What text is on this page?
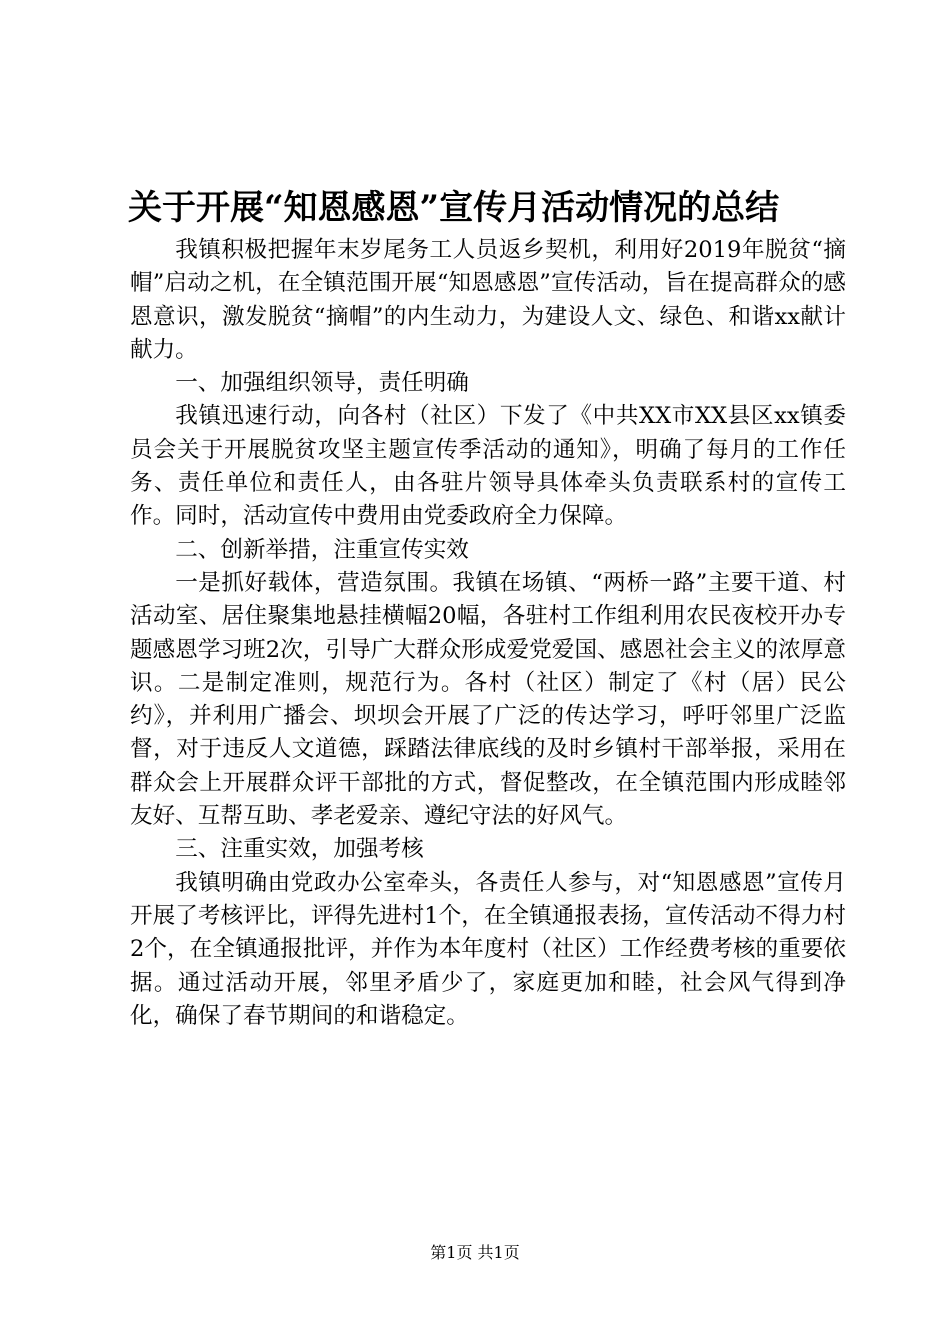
关于开展“知恩感恩”宣传月活动情况的总结

我镇积极把握年末岁尾务工人员返乡契机，利用好2019年脱贫“摘帽”启动之机，在全镇范围开展“知恩感恩”宣传活动，旨在提高群众的感恩意识，激发脱贫“摘帽”的内生动力，为建设人文、绿色、和谐xx献计献力。

一、加强组织领导，责任明确

我镇迅速行动，向各村（社区）下发了《中共XX市XX县区xx镇委员会关于开展脱贫攻坚主题宣传季活动的通知》，明确了每月的工作任务、责任单位和责任人，由各驻片领导具体牵头负责联系村的宣传工作。同时，活动宣传中费用由党委政府全力保障。

二、创新举措，注重宣传实效

一是抓好载体，营造氛围。我镇在场镇、“两桥一路”主要干道、村活动室、居住聚集地悬挂横幅20幅，各驻村工作组利用农民夜校开办专题感恩学习班2次，引导广大群众形成爱党爱国、感恩社会主义的浓厚意识。二是制定准则，规范行为。各村（社区）制定了《村（居）民公约》，并利用广播会、坝坝会开展了广泛的传达学习，呼吁邻里广泛监督，对于违反人文道德，踩踏法律底线的及时乡镇村干部举报，采用在群众会上开展群众评干部批的方式，督促整改，在全镇范围内形成睦邻友好、互帮互助、孝老爱亲、遵纪守法的好风气。

三、注重实效，加强考核

我镇明确由党政办公室牵头，各责任人参与，对“知恩感恩”宣传月开展了考核评比，评得先进村1个，在全镇通报表扬，宣传活动不得力村2个，在全镇通报批评，并作为本年度村（社区）工作经费考核的重要依据。通过活动开展，邻里矛盾少了，家庭更加和睦，社会风气得到净化，确保了春节期间的和谐稳定。

第1页 共1页
